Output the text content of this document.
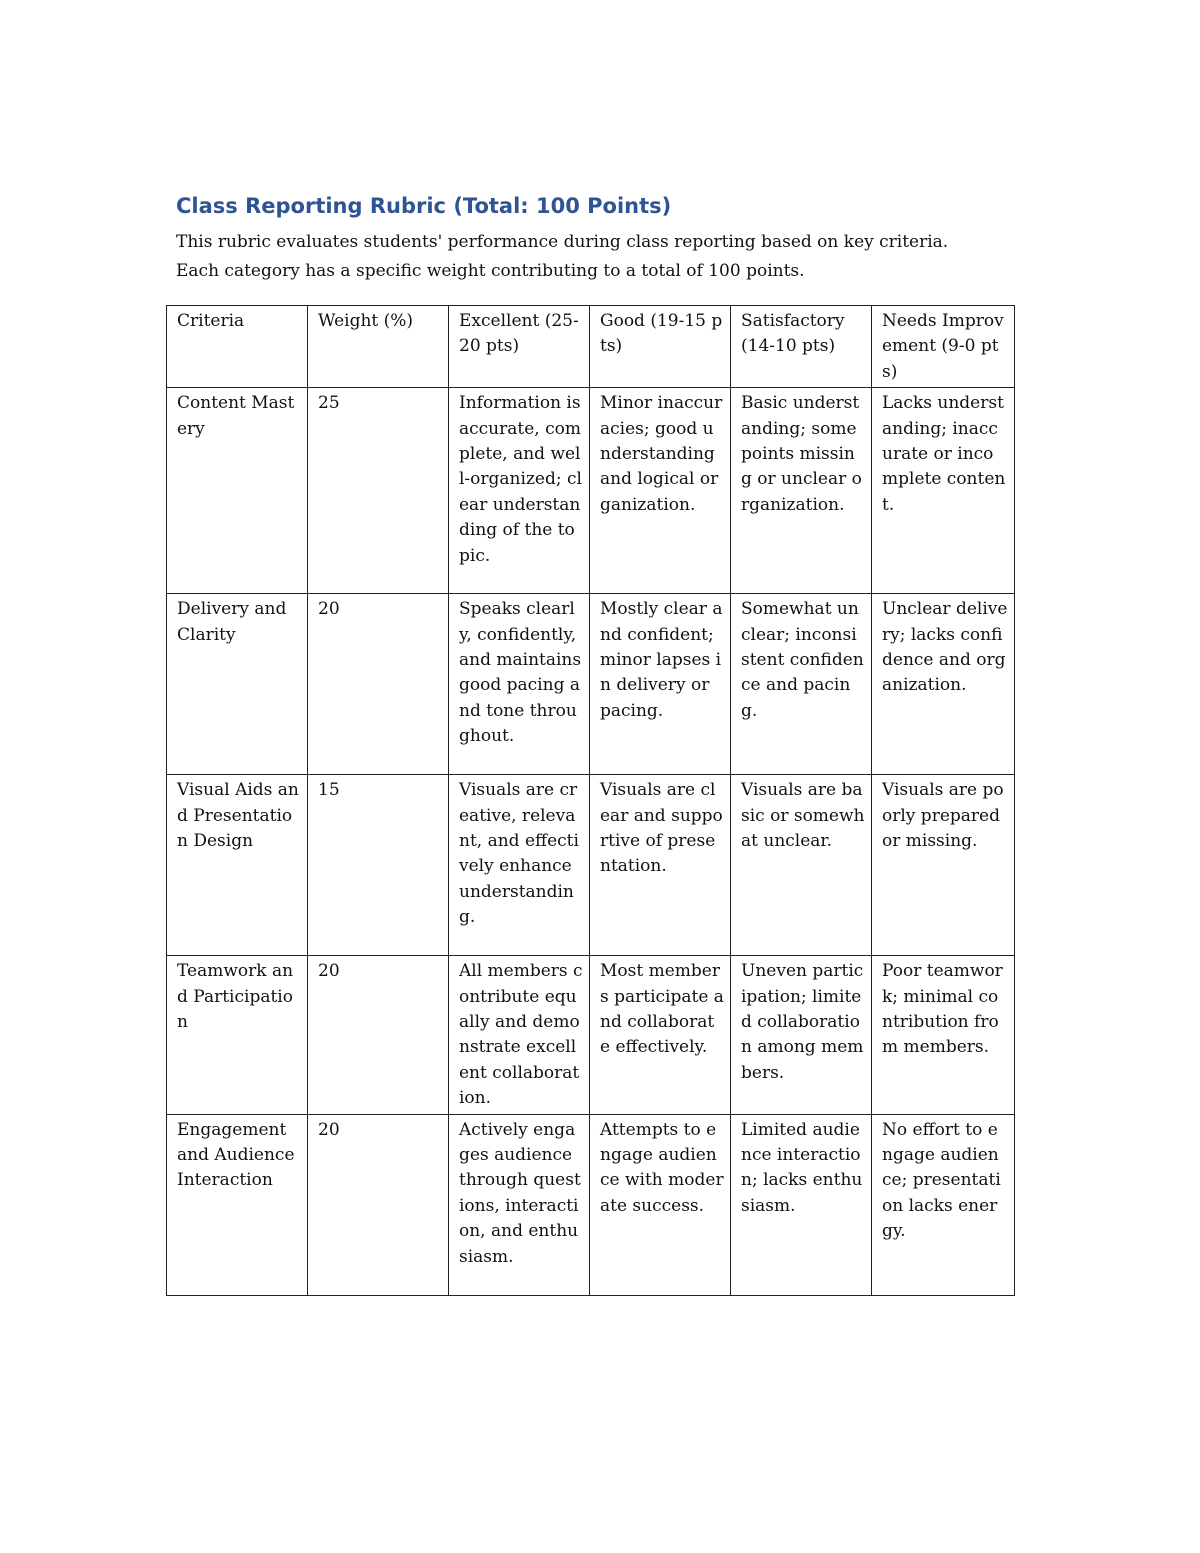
Class Reporting Rubric (Total: 100 Points)

This rubric evaluates students' performance during class reporting based on key criteria.
Each category has a specific weight contributing to a total of 100 points.

Criteria	Weight (%)	Excellent (25-20 pts)	Good (19-15 pts)	Satisfactory (14-10 pts)	Needs Improvement (9-0 pts)
Content Mastery	25	Information is accurate, complete, and well-organized; clear understanding of the topic.	Minor inaccuracies; good understanding and logical organization.	Basic understanding; some points missing or unclear organization.	Lacks understanding; inaccurate or incomplete content.
Delivery and Clarity	20	Speaks clearly, confidently, and maintains good pacing and tone throughout.	Mostly clear and confident; minor lapses in delivery or pacing.	Somewhat unclear; inconsistent confidence and pacing.	Unclear delivery; lacks confidence and organization.
Visual Aids and Presentation Design	15	Visuals are creative, relevant, and effectively enhance understanding.	Visuals are clear and supportive of presentation.	Visuals are basic or somewhat unclear.	Visuals are poorly prepared or missing.
Teamwork and Participation	20	All members contribute equally and demonstrate excellent collaboration.	Most members participate and collaborate effectively.	Uneven participation; limited collaboration among members.	Poor teamwork; minimal contribution from members.
Engagement and Audience Interaction	20	Actively engages audience through questions, interaction, and enthusiasm.	Attempts to engage audience with moderate success.	Limited audience interaction; lacks enthusiasm.	No effort to engage audience; presentation lacks energy.
